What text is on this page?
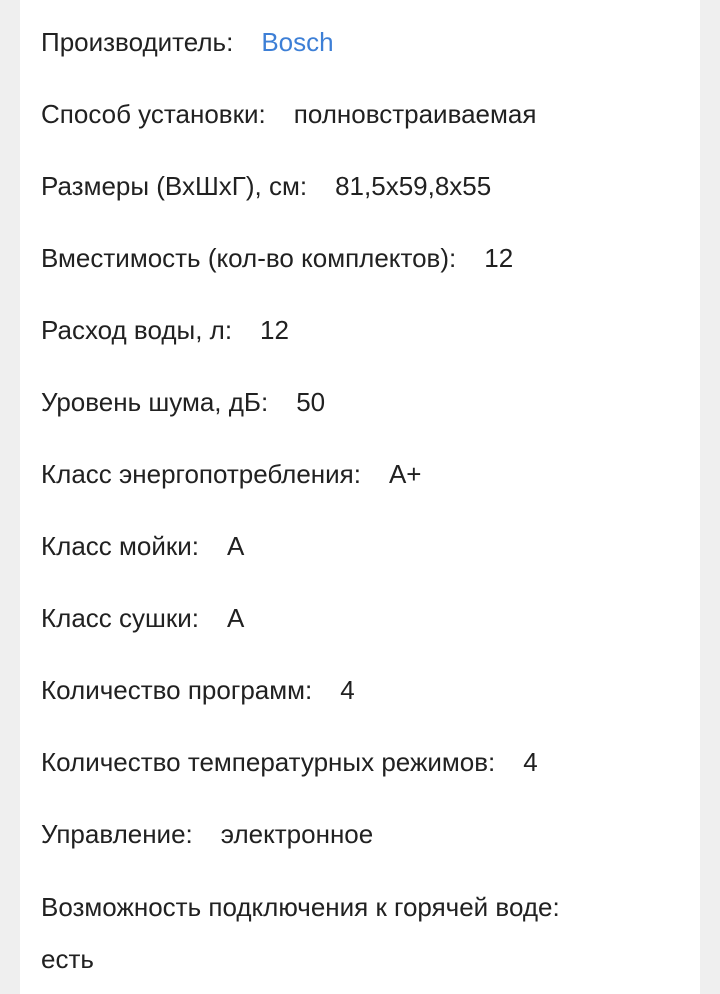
Производитель: Bosch
Способ установки: полновстраиваемая
Размеры (ВхШхГ), см: 81,5х59,8х55
Вместимость (кол-во комплектов): 12
Расход воды, л: 12
Уровень шума, дБ: 50
Класс энергопотребления: A+
Класс мойки: A
Класс сушки: A
Количество программ: 4
Количество температурных режимов: 4
Управление: электронное
Возможность подключения к горячей воде:
есть
